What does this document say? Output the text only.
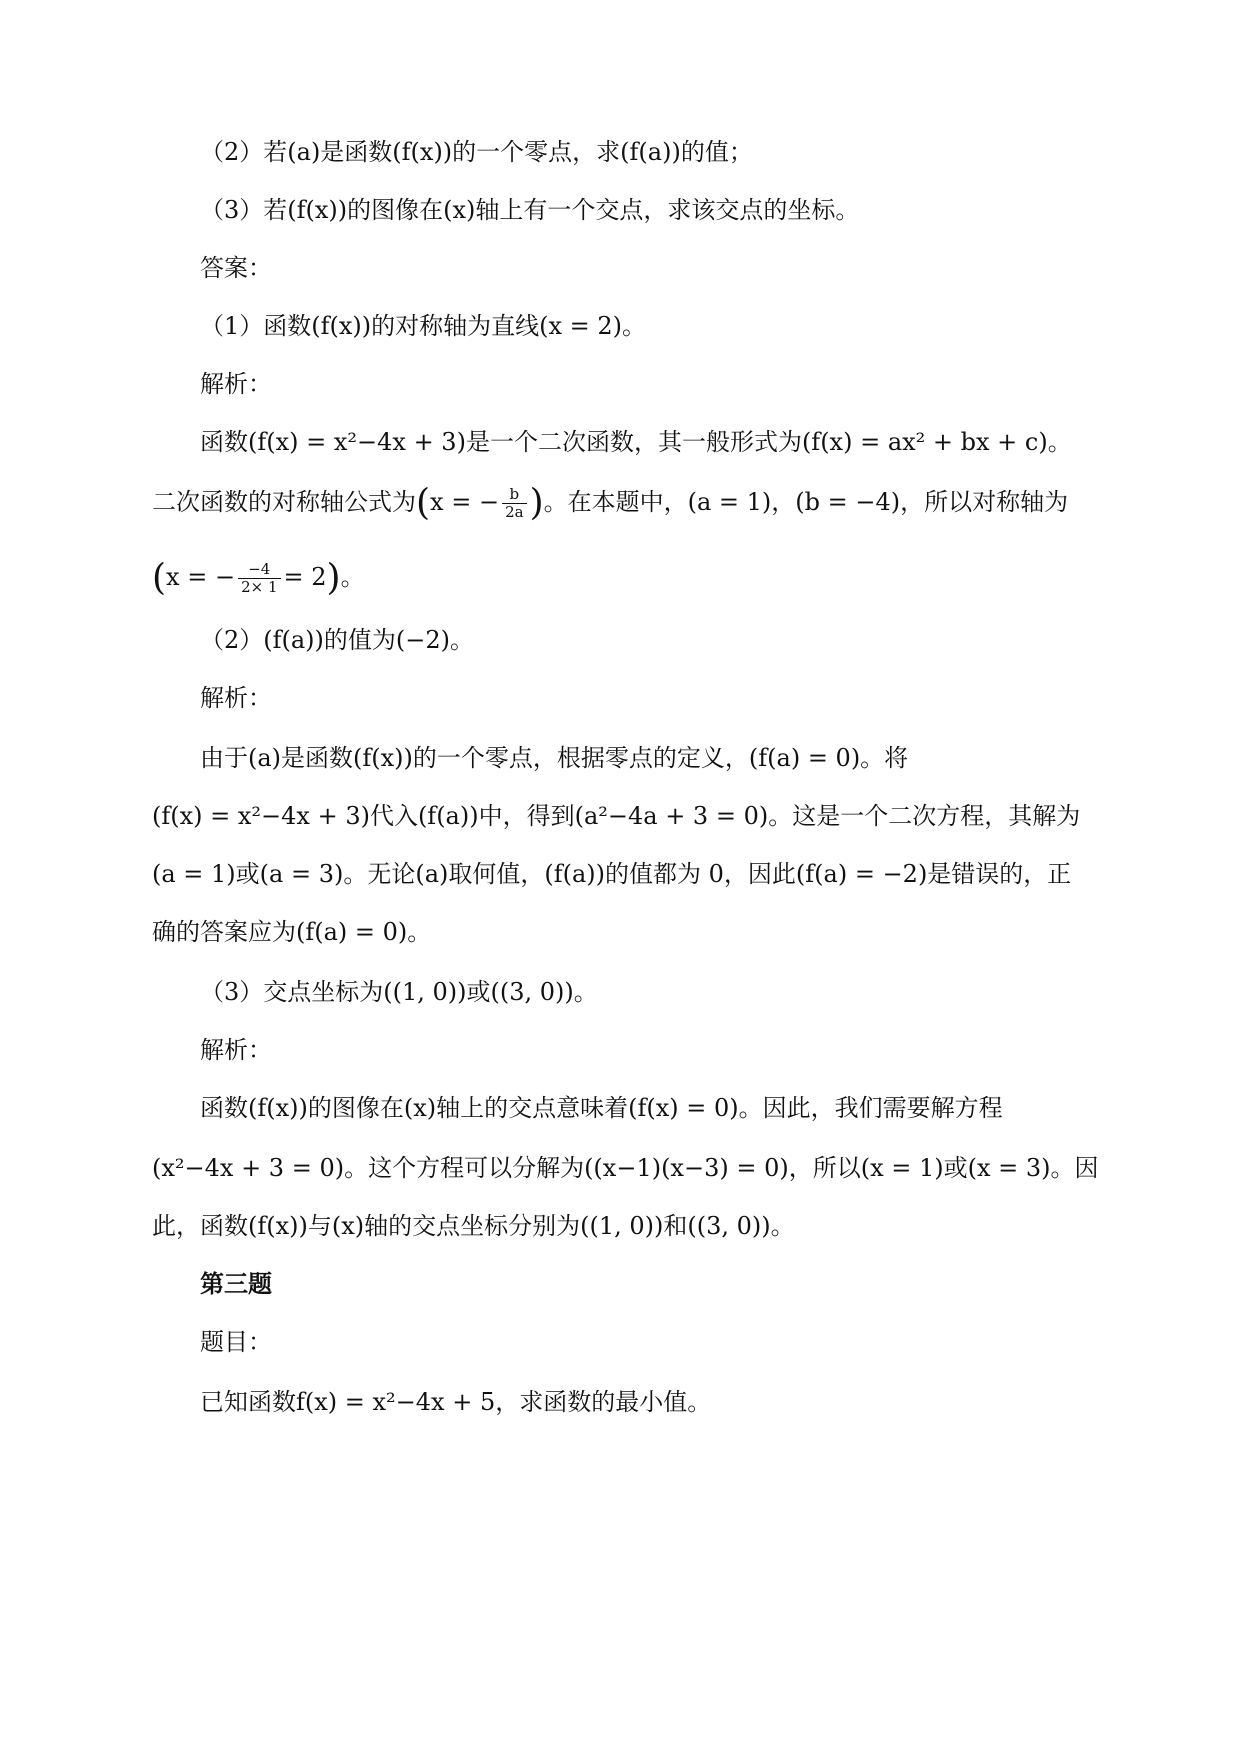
（2）若(a)是函数(f(x))的一个零点，求(f(a))的值；

（3）若(f(x))的图像在(x)轴上有一个交点，求该交点的坐标。

答案：

（1）函数(f(x))的对称轴为直线(x = 2)。

解析：

函数(f(x) = x²−4x + 3)是一个二次函数，其一般形式为(f(x) = ax² + bx + c)。

二次函数的对称轴公式为(x = − $\frac{b}{2a}$ )。在本题中，(a = 1)，(b = −4)，所以对称轴为
(x = − $\frac{-4}{2\times 1} = 2$)。

（2）(f(a))的值为(−2)。

解析：

由于(a)是函数(f(x))的一个零点，根据零点的定义，(f(a) = 0)。将

(f(x) = x²−4x + 3)代入(f(a))中，得到(a²−4a + 3 = 0)。这是一个二次方程，其解为

(a = 1)或(a = 3)。无论(a)取何值，(f(a))的值都为 0，因此(f(a) = −2)是错误的，正

确的答案应为(f(a) = 0)。

（3）交点坐标为((1, 0))或((3, 0))。

解析：

函数(f(x))的图像在(x)轴上的交点意味着(f(x) = 0)。因此，我们需要解方程

(x²−4x + 3 = 0)。这个方程可以分解为((x−1)(x−3) = 0)，所以(x = 1)或(x = 3)。因

此，函数(f(x))与(x)轴的交点坐标分别为((1, 0))和((3, 0))。

第三题

题目：

已知函数f(x) = x²−4x + 5，求函数的最小值。
